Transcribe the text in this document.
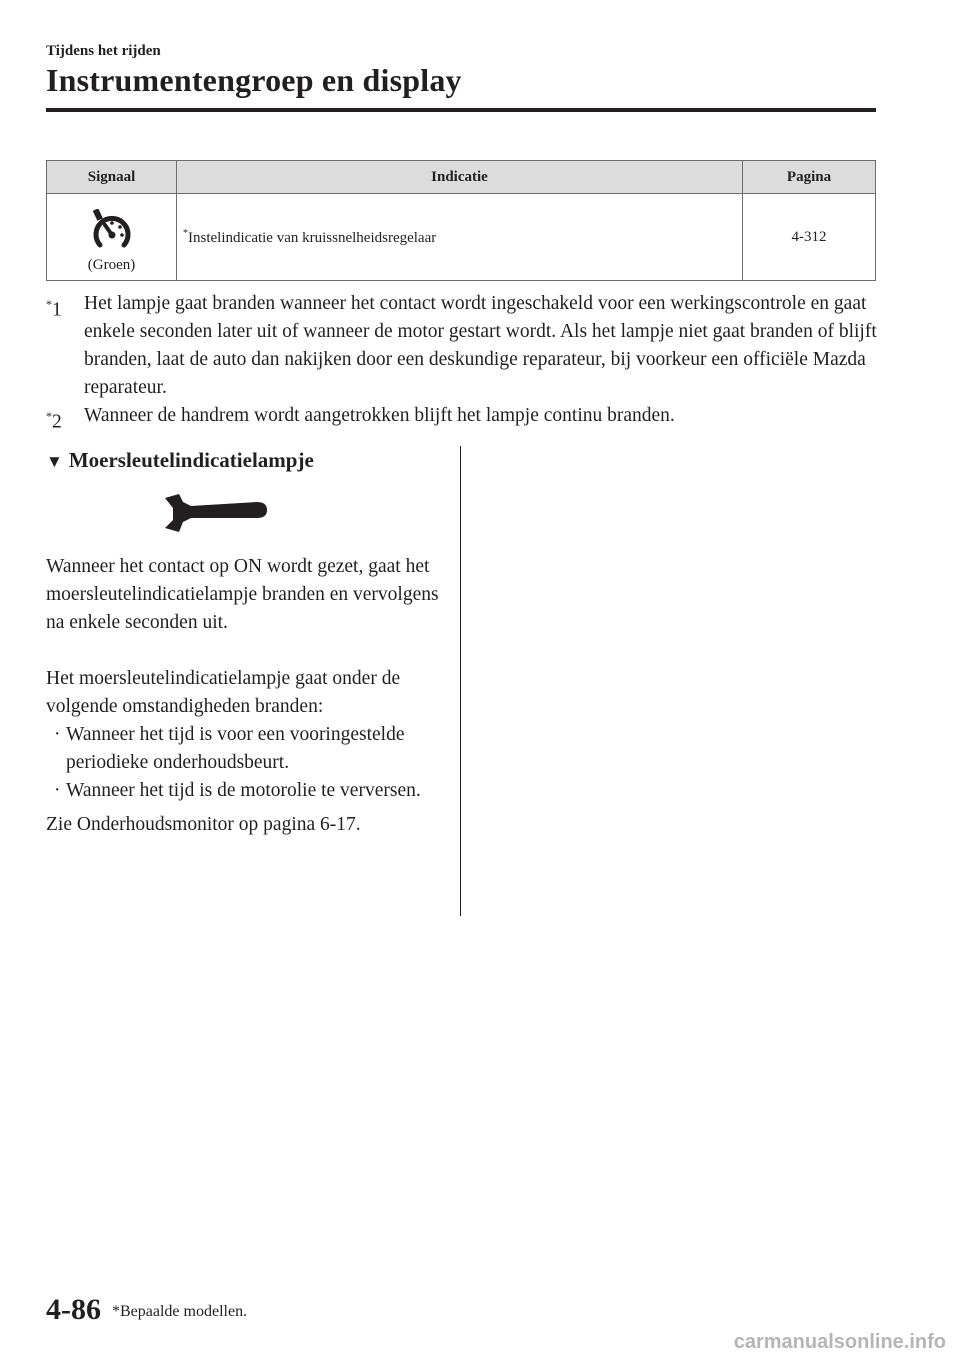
Tijdens het rijden
Instrumentengroep en display
Signaal	Indicatie	Pagina

(Groen)	*Instelindicatie van kruissnelheidsregelaar	4-312
*1 Het lampje gaat branden wanneer het contact wordt ingeschakeld voor een werkingscontrole en gaat enkele seconden later uit of wanneer de motor gestart wordt. Als het lampje niet gaat branden of blijft branden, laat de auto dan nakijken door een deskundige reparateur, bij voorkeur een officiële Mazda reparateur.
*2 Wanneer de handrem wordt aangetrokken blijft het lampje continu branden.

▼ Moersleutelindicatielampje

Wanneer het contact op ON wordt gezet, gaat het moersleutelindicatielampje branden en vervolgens na enkele seconden uit.

Het moersleutelindicatielampje gaat onder de volgende omstandigheden branden:

· Wanneer het tijd is voor een vooringestelde periodieke onderhoudsbeurt.
· Wanneer het tijd is de motorolie te verversen.

Zie Onderhoudsmonitor op pagina 6-17.

4-86 *Bepaalde modellen.
carmanualsonline.info
